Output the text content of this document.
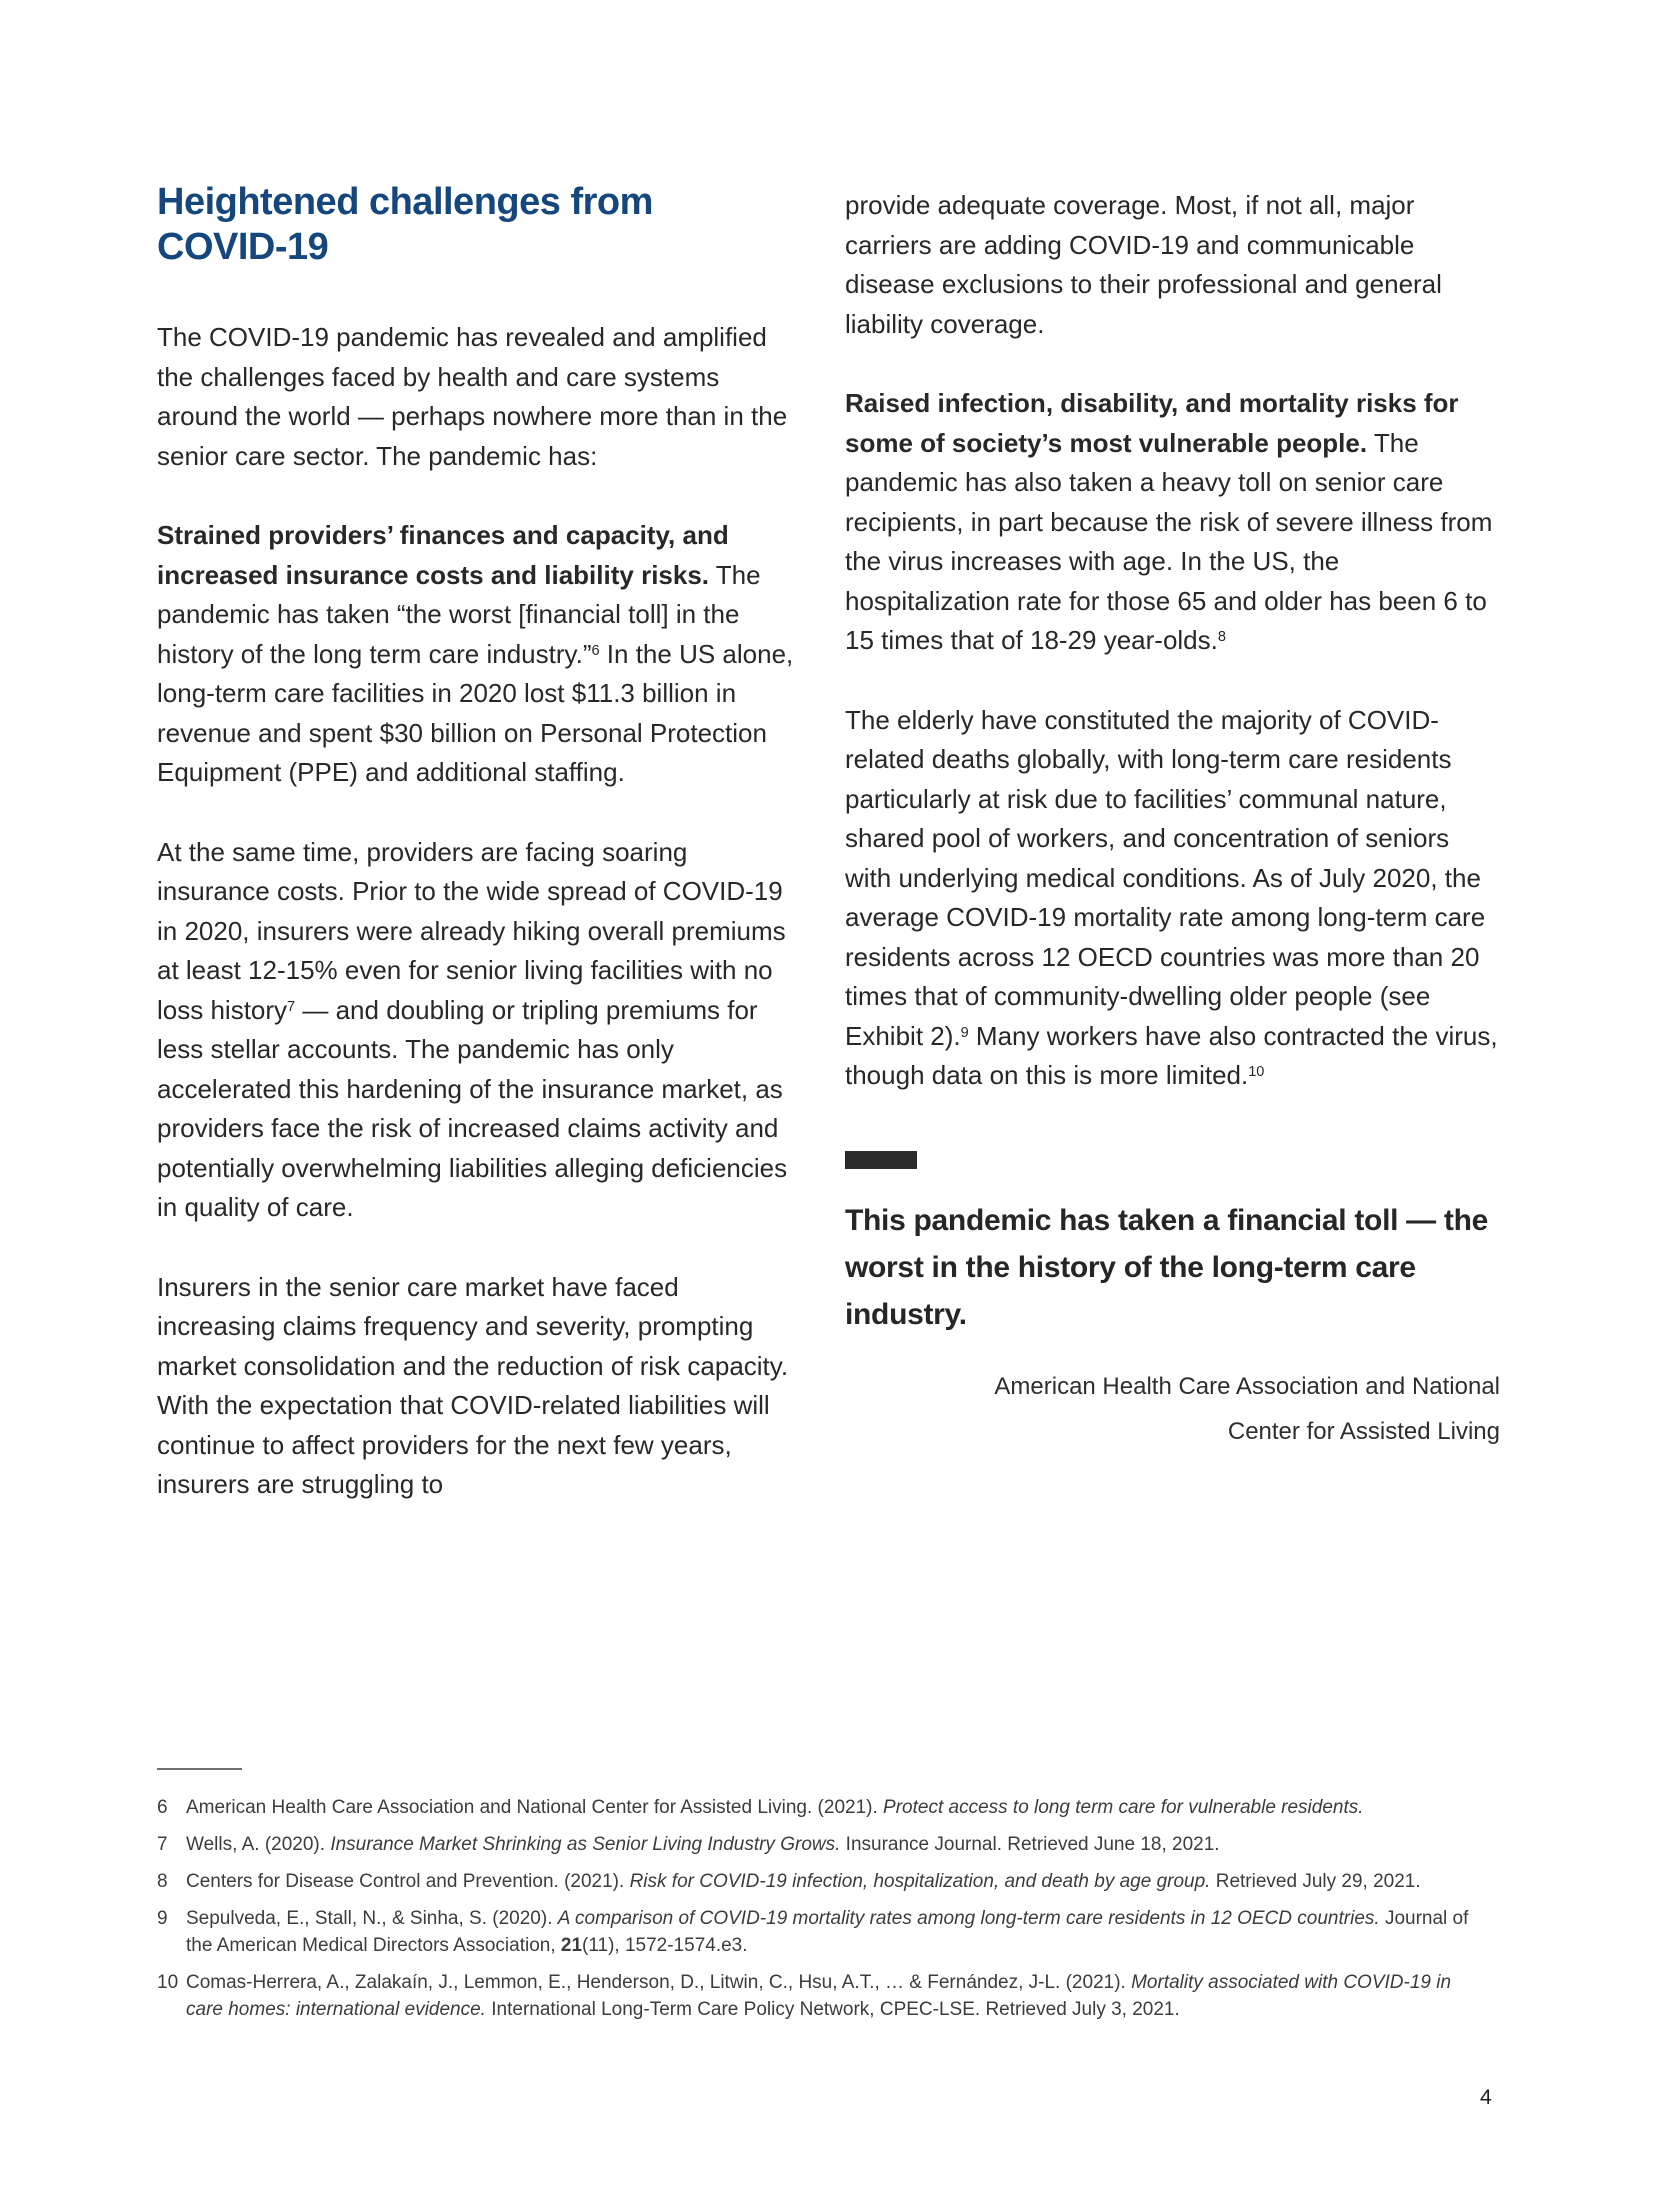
Heightened challenges from COVID-19

The COVID-19 pandemic has revealed and amplified the challenges faced by health and care systems around the world — perhaps nowhere more than in the senior care sector. The pandemic has:

Strained providers’ finances and capacity, and increased insurance costs and liability risks. The pandemic has taken “the worst [financial toll] in the history of the long term care industry.”$^6$ In the US alone, long-term care facilities in 2020 lost $11.3 billion in revenue and spent $30 billion on Personal Protection Equipment (PPE) and additional staffing.

At the same time, providers are facing soaring insurance costs. Prior to the wide spread of COVID-19 in 2020, insurers were already hiking overall premiums at least 12-15% even for senior living facilities with no loss history$^7$ — and doubling or tripling premiums for less stellar accounts. The pandemic has only accelerated this hardening of the insurance market, as providers face the risk of increased claims activity and potentially overwhelming liabilities alleging deficiencies in quality of care.

Insurers in the senior care market have faced increasing claims frequency and severity, prompting market consolidation and the reduction of risk capacity. With the expectation that COVID-related liabilities will continue to affect providers for the next few years, insurers are struggling to

provide adequate coverage. Most, if not all, major carriers are adding COVID-19 and communicable disease exclusions to their professional and general liability coverage.

Raised infection, disability, and mortality risks for some of society’s most vulnerable people. The pandemic has also taken a heavy toll on senior care recipients, in part because the risk of severe illness from the virus increases with age. In the US, the hospitalization rate for those 65 and older has been 6 to 15 times that of 18-29 year-olds.$^8$

The elderly have constituted the majority of COVID-related deaths globally, with long-term care residents particularly at risk due to facilities’ communal nature, shared pool of workers, and concentration of seniors with underlying medical conditions. As of July 2020, the average COVID-19 mortality rate among long-term care residents across 12 OECD countries was more than 20 times that of community-dwelling older people (see Exhibit 2).$^9$ Many workers have also contracted the virus, though data on this is more limited.$^{10}$

This pandemic has taken a financial toll — the worst in the history of the long-term care industry.
American Health Care Association and National Center for Assisted Living
6 American Health Care Association and National Center for Assisted Living. (2021). Protect access to long term care for vulnerable residents.
7 Wells, A. (2020). Insurance Market Shrinking as Senior Living Industry Grows. Insurance Journal. Retrieved June 18, 2021.
8 Centers for Disease Control and Prevention. (2021). Risk for COVID-19 infection, hospitalization, and death by age group. Retrieved July 29, 2021.
9 Sepulveda, E., Stall, N., & Sinha, S. (2020). A comparison of COVID-19 mortality rates among long-term care residents in 12 OECD countries. Journal of the American Medical Directors Association, 21(11), 1572-1574.e3.
10 Comas-Herrera, A., Zalakaín, J., Lemmon, E., Henderson, D., Litwin, C., Hsu, A.T., … & Fernández, J-L. (2021). Mortality associated with COVID-19 in care homes: international evidence. International Long-Term Care Policy Network, CPEC-LSE. Retrieved July 3, 2021.
4
